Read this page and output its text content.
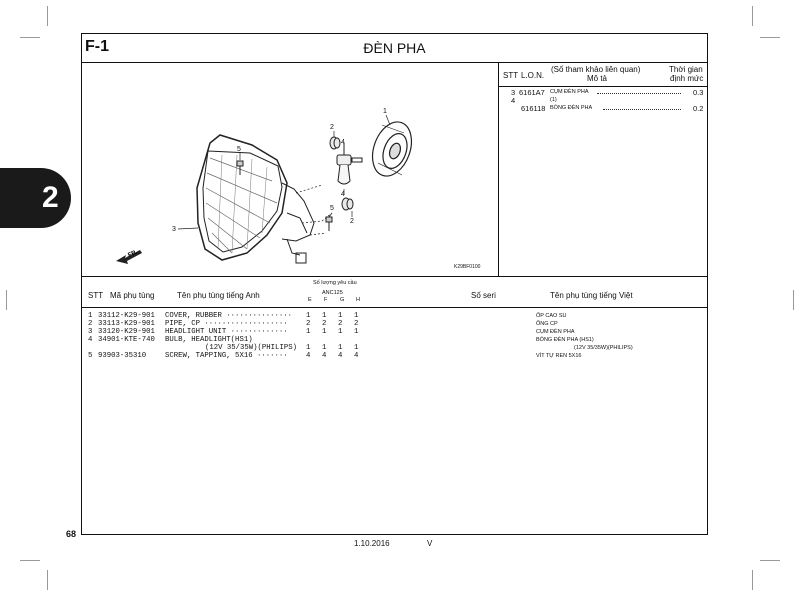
2
F-1	ĐÈN PHA
FR.
1
2
3
4
5
2
5
4
K29BF0100
STT L.O.N.
(Số tham khảo liên quan)
Mô tả
Thời gian
định mức
3 6161A7 CỤM ĐÈN PHA	0.3
4	(1)
616118 BÓNG ĐÈN PHA	0.2
STT Mã phụ tùng	Tên phụ tùng tiếng Anh
Số lượng yêu cầu
ANC125
E F G H	Số seri	Tên phụ tùng tiếng Việt
1 33112-K29-901 COVER, RUBBER ··············· 1 1 1 1	ỐP CAO SU
2 33113-K29-901 PIPE, CP ···················	2 2 2 2	ỐNG CP
3 33120-K29-901 HEADLIGHT UNIT ·············	1 1 1 1	CỤM ĐÈN PHA
4 34901-KTE-740 BULB, HEADLIGHT(HS1)	BÓNG ĐÈN PHA (HS1)
(12V 35/35W)(PHILIPS) 1 1 1 1	(12V 35/35W)(PHILIPS)
5 93903-35310	SCREW, TAPPING, 5X16 ·······	4 4 4 4	VÍT TỰ REN 5X16
68
1.10.2016	V
